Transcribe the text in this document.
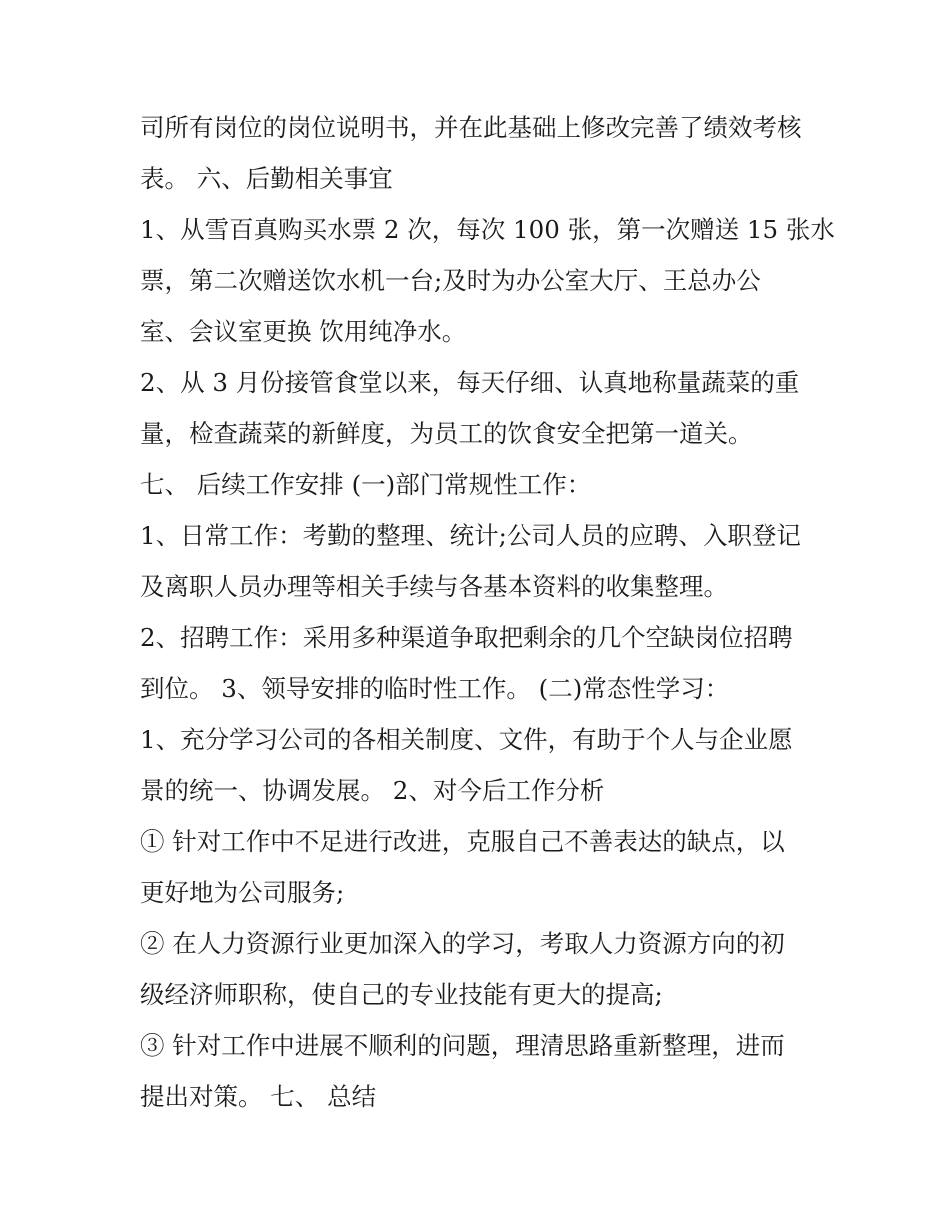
司所有岗位的岗位说明书，并在此基础上修改完善了绩效考核
表。 六、后勤相关事宜
1、从雪百真购买水票 2 次，每次 100 张，第一次赠送 15 张水
票，第二次赠送饮水机一台;及时为办公室大厅、王总办公
室、会议室更换 饮用纯净水。
2、从 3 月份接管食堂以来，每天仔细、认真地称量蔬菜的重
量，检查蔬菜的新鲜度，为员工的饮食安全把第一道关。
七、 后续工作安排 (一)部门常规性工作：
1、日常工作：考勤的整理、统计;公司人员的应聘、入职登记
及离职人员办理等相关手续与各基本资料的收集整理。
2、招聘工作：采用多种渠道争取把剩余的几个空缺岗位招聘
到位。 3、领导安排的临时性工作。 (二)常态性学习：
1、充分学习公司的各相关制度、文件，有助于个人与企业愿
景的统一、协调发展。 2、对今后工作分析
① 针对工作中不足进行改进，克服自己不善表达的缺点，以
更好地为公司服务;
② 在人力资源行业更加深入的学习，考取人力资源方向的初
级经济师职称，使自己的专业技能有更大的提高;
③ 针对工作中进展不顺利的问题，理清思路重新整理，进而
提出对策。 七、 总结
